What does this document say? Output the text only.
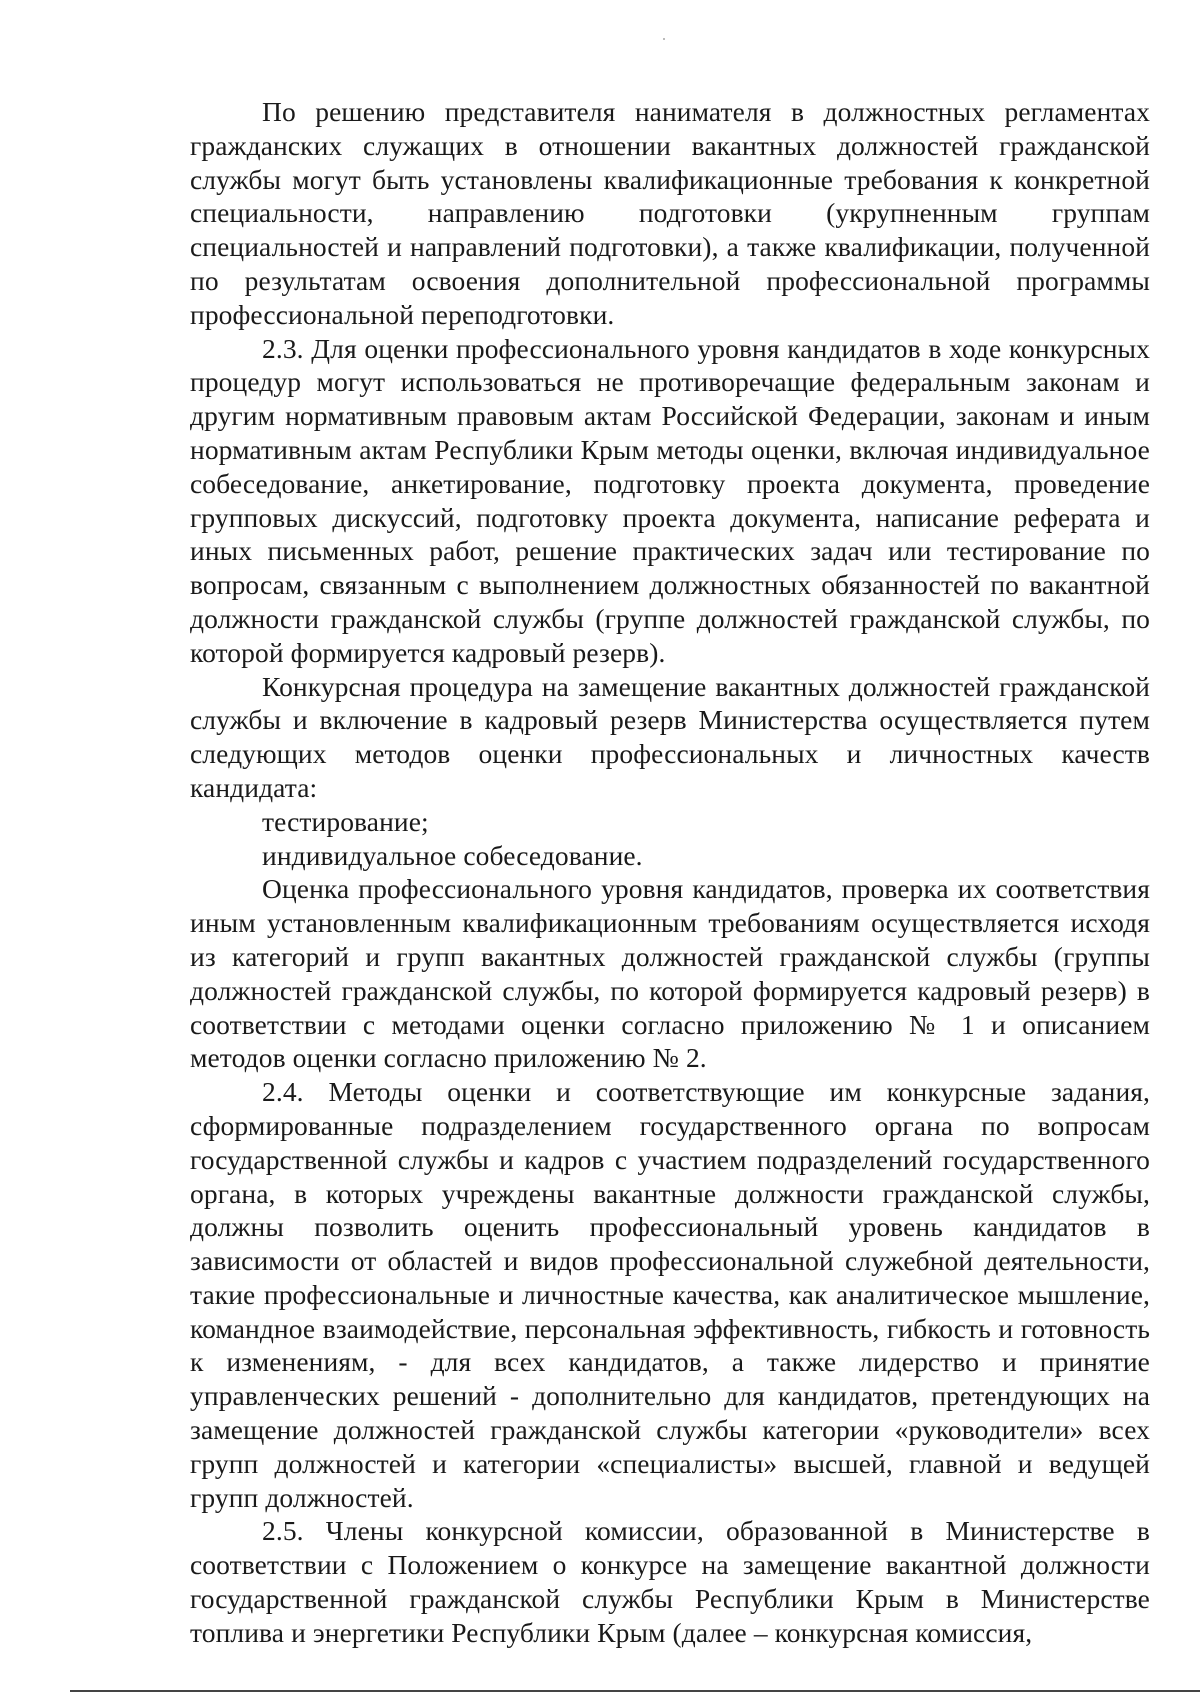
По решению представителя нанимателя в должностных регламентах гражданских служащих в отношении вакантных должностей гражданской службы могут быть установлены квалификационные требования к конкретной специальности, направлению подготовки (укрупненным группам специальностей и направлений подготовки), а также квалификации, полученной по результатам освоения дополнительной профессиональной программы профессиональной переподготовки.

2.3. Для оценки профессионального уровня кандидатов в ходе конкурсных процедур могут использоваться не противоречащие федеральным законам и другим нормативным правовым актам Российской Федерации, законам и иным нормативным актам Республики Крым методы оценки, включая индивидуальное собеседование, анкетирование, подготовку проекта документа, проведение групповых дискуссий, подготовку проекта документа, написание реферата и иных письменных работ, решение практических задач или тестирование по вопросам, связанным с выполнением должностных обязанностей по вакантной должности гражданской службы (группе должностей гражданской службы, по которой формируется кадровый резерв).

Конкурсная процедура на замещение вакантных должностей гражданской службы и включение в кадровый резерв Министерства осуществляется путем следующих методов оценки профессиональных и личностных качеств кандидата:

тестирование;

индивидуальное собеседование.

Оценка профессионального уровня кандидатов, проверка их соответствия иным установленным квалификационным требованиям осуществляется исходя из категорий и групп вакантных должностей гражданской службы (группы должностей гражданской службы, по которой формируется кадровый резерв) в соответствии с методами оценки согласно приложению № 1 и описанием методов оценки согласно приложению № 2.

2.4. Методы оценки и соответствующие им конкурсные задания, сформированные подразделением государственного органа по вопросам государственной службы и кадров с участием подразделений государственного органа, в которых учреждены вакантные должности гражданской службы, должны позволить оценить профессиональный уровень кандидатов в зависимости от областей и видов профессиональной служебной деятельности, такие профессиональные и личностные качества, как аналитическое мышление, командное взаимодействие, персональная эффективность, гибкость и готовность к изменениям, - для всех кандидатов, а также лидерство и принятие управленческих решений - дополнительно для кандидатов, претендующих на замещение должностей гражданской службы категории «руководители» всех групп должностей и категории «специалисты» высшей, главной и ведущей групп должностей.

2.5. Члены конкурсной комиссии, образованной в Министерстве в соответствии с Положением о конкурсе на замещение вакантной должности государственной гражданской службы Республики Крым в Министерстве топлива и энергетики Республики Крым (далее – конкурсная комиссия,
